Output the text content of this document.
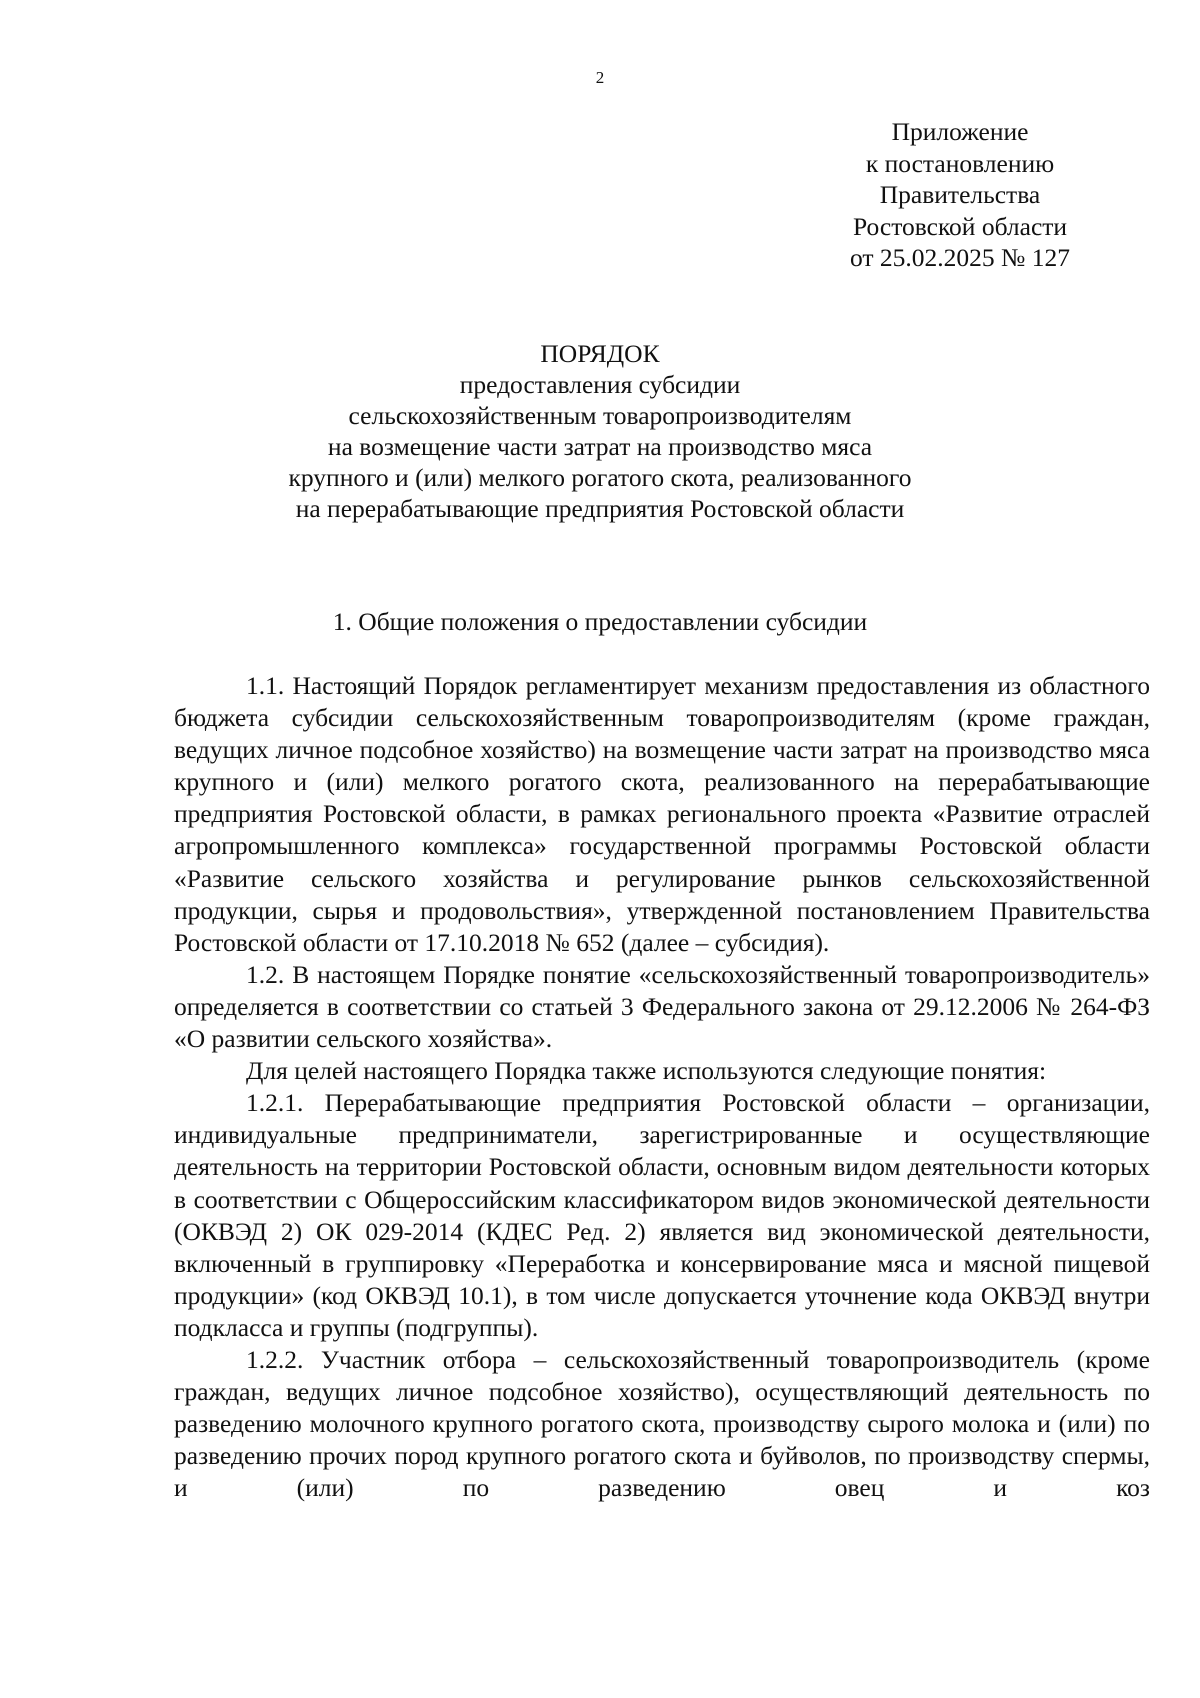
2
Приложение
к постановлению
Правительства
Ростовской области
от 25.02.2025 № 127
ПОРЯДОК
предоставления субсидии
сельскохозяйственным товаропроизводителям
на возмещение части затрат на производство мяса
крупного и (или) мелкого рогатого скота, реализованного
на перерабатывающие предприятия Ростовской области
1. Общие положения о предоставлении субсидии

1.1. Настоящий Порядок регламентирует механизм предоставления из областного бюджета субсидии сельскохозяйственным товаропроизводителям (кроме граждан, ведущих личное подсобное хозяйство) на возмещение части затрат на производство мяса крупного и (или) мелкого рогатого скота, реализованного на перерабатывающие предприятия Ростовской области, в рамках регионального проекта «Развитие отраслей агропромышленного комплекса» государственной программы Ростовской области «Развитие сельского хозяйства и регулирование рынков сельскохозяйственной продукции, сырья и продовольствия», утвержденной постановлением Правительства Ростовской области от 17.10.2018 № 652 (далее – субсидия).

1.2. В настоящем Порядке понятие «сельскохозяйственный товаропроизводитель» определяется в соответствии со статьей 3 Федерального закона от 29.12.2006 № 264-ФЗ «О развитии сельского хозяйства».

Для целей настоящего Порядка также используются следующие понятия:

1.2.1. Перерабатывающие предприятия Ростовской области – организации, индивидуальные предприниматели, зарегистрированные и осуществляющие деятельность на территории Ростовской области, основным видом деятельности которых в соответствии с Общероссийским классификатором видов экономической деятельности (ОКВЭД 2) ОК 029-2014 (КДЕС Ред. 2) является вид экономической деятельности, включенный в группировку «Переработка и консервирование мяса и мясной пищевой продукции» (код ОКВЭД 10.1), в том числе допускается уточнение кода ОКВЭД внутри подкласса и группы (подгруппы).

1.2.2. Участник отбора – сельскохозяйственный товаропроизводитель (кроме граждан, ведущих личное подсобное хозяйство), осуществляющий деятельность по разведению молочного крупного рогатого скота, производству сырого молока и (или) по разведению прочих пород крупного рогатого скота и буйволов, по производству спермы, и (или) по разведению овец и коз
